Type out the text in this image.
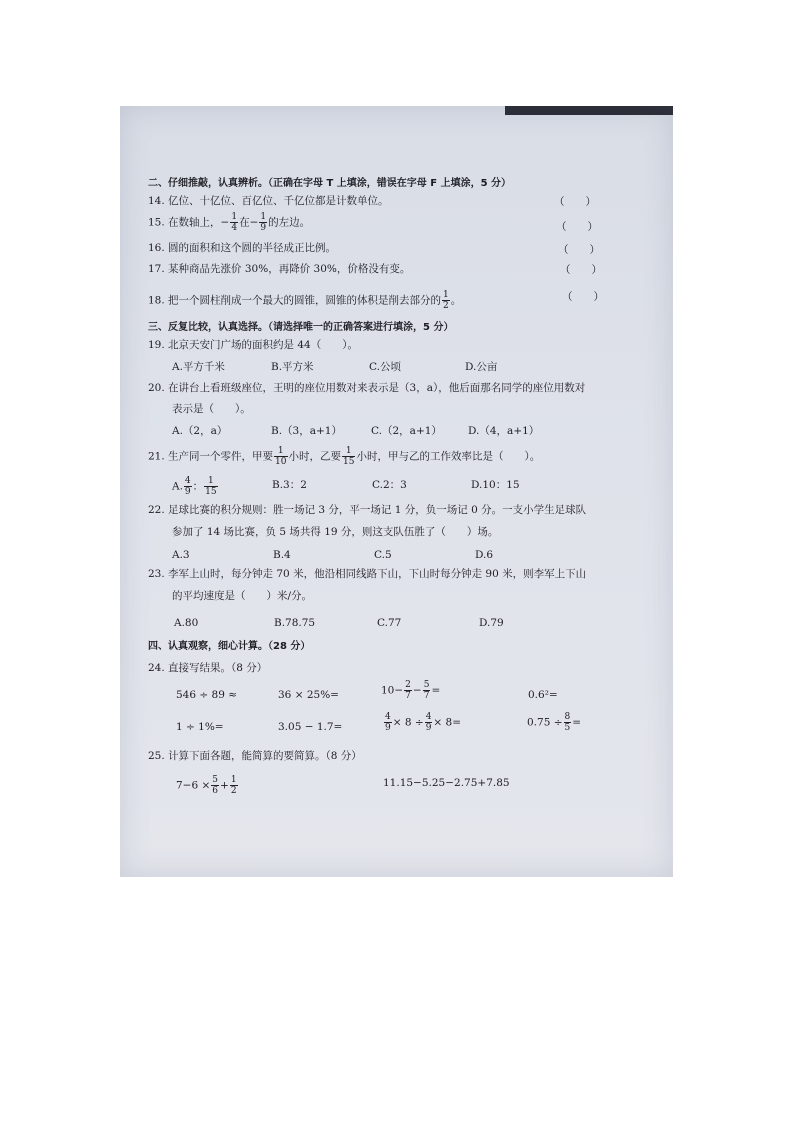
二、仔细推敲，认真辨析。（正确在字母 T 上填涂，错误在字母 F 上填涂，5 分）
14. 亿位、十亿位、百亿位、千亿位都是计数单位。	（　　）
15. 在数轴上，− $\frac{1}{4}$ 在− $\frac{1}{9}$ 的左边。	（　　）
16. 圆的面积和这个圆的半径成正比例。	（　　）
17. 某种商品先涨价 30%，再降价 30%，价格没有变。	（　　）
18. 把一个圆柱削成一个最大的圆锥，圆锥的体积是削去部分的 $\frac{1}{2}$ 。	（　　）
三、反复比较，认真选择。（请选择唯一的正确答案进行填涂，5 分）
19. 北京天安门广场的面积约是 44（　　）。
A.平方千米	B.平方米	C.公顷	D.公亩
20. 在讲台上看班级座位，王明的座位用数对来表示是（3，a），他后面那名同学的座位用数对
表示是（　　）。
A.（2，a）	B.（3，a+1）	C.（2，a+1） D.（4，a+1）
21. 生产同一个零件，甲要 $\frac{1}{10}$ 小时，乙要 $\frac{1}{15}$ 小时，甲与乙的工作效率比是（　　）。
A. $\frac{4}{9}$ ： $\frac{1}{15}$	B.3：2	C.2：3	D.10：15
22. 足球比赛的积分规则：胜一场记 3 分，平一场记 1 分，负一场记 0 分。一支小学生足球队
参加了 14 场比赛，负 5 场共得 19 分，则这支队伍胜了（　　）场。
A.3	B.4	C.5	D.6
23. 李军上山时，每分钟走 70 米，他沿相同线路下山，下山时每分钟走 90 米，则李军上下山
的平均速度是（　　）米/分。
A.80	B.78.75	C.77	D.79
四、认真观察，细心计算。（28 分）
24. 直接写结果。（8 分）
546 ÷ 89 ≈	36 × 25%=	$10- \frac{2}{7} - \frac{5}{7}$ =	0.6²=
1 ÷ 1%=	3.05 − 1.7=	$\frac{4}{9} \times 8 \div \frac{4}{9} \times 8=$	$0.75 \div \frac{8}{5}$ =
25. 计算下面各题，能简算的要简算。（8 分）
$7-6 \times \frac{5}{6} + \frac{1}{2}$	11.15−5.25−2.75+7.85
